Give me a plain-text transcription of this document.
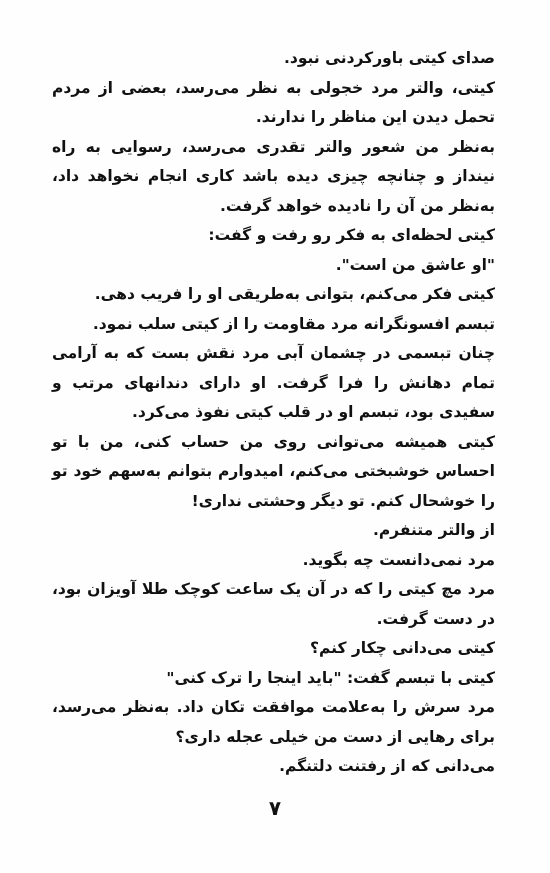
صدای کیتی باورکردنی نبود.

کیتی، والتر مرد خجولی به نظر می‌رسد، بعضی از مردم تحمل دیدن این مناظر را ندارند.

به‌نظر من شعور والتر تقدری می‌رسد، رسوایی به راه نینداز و چنانچه چیزی دیده باشد کاری انجام نخواهد داد، به‌نظر من آن را نادیده خواهد گرفت.

کیتی لحظه‌ای به فکر رو رفت و گفت:

"او عاشق من است".

کیتی فکر می‌کنم، بتوانی به‌طریقی او را فریب دهی.

تبسم افسونگرانه مرد مقاومت را از کیتی سلب نمود.

چنان تبسمی در چشمان آبی مرد نقش بست که به آرامی تمام دهانش را فرا گرفت. او دارای دندانهای مرتب و سفیدی بود، تبسم او در قلب کیتی نفوذ می‌کرد.

کیتی همیشه می‌توانی روی من حساب کنی، من با تو احساس خوشبختی می‌کنم، امیدوارم بتوانم به‌سهم خود تو را خوشحال کنم. تو دیگر وحشتی نداری!

از والتر متنفرم.

مرد نمی‌دانست چه بگوید.

مرد مچ کیتی را که در آن یک ساعت کوچک طلا آویزان بود، در دست گرفت.

کیتی می‌دانی چکار کنم؟

کیتی با تبسم گفت: "باید اینجا را ترک کنی"

مرد سرش را به‌علامت موافقت تکان داد. به‌نظر می‌رسد، برای رهایی از دست من خیلی عجله داری؟

می‌دانی که از رفتنت دلتنگم.

۷
